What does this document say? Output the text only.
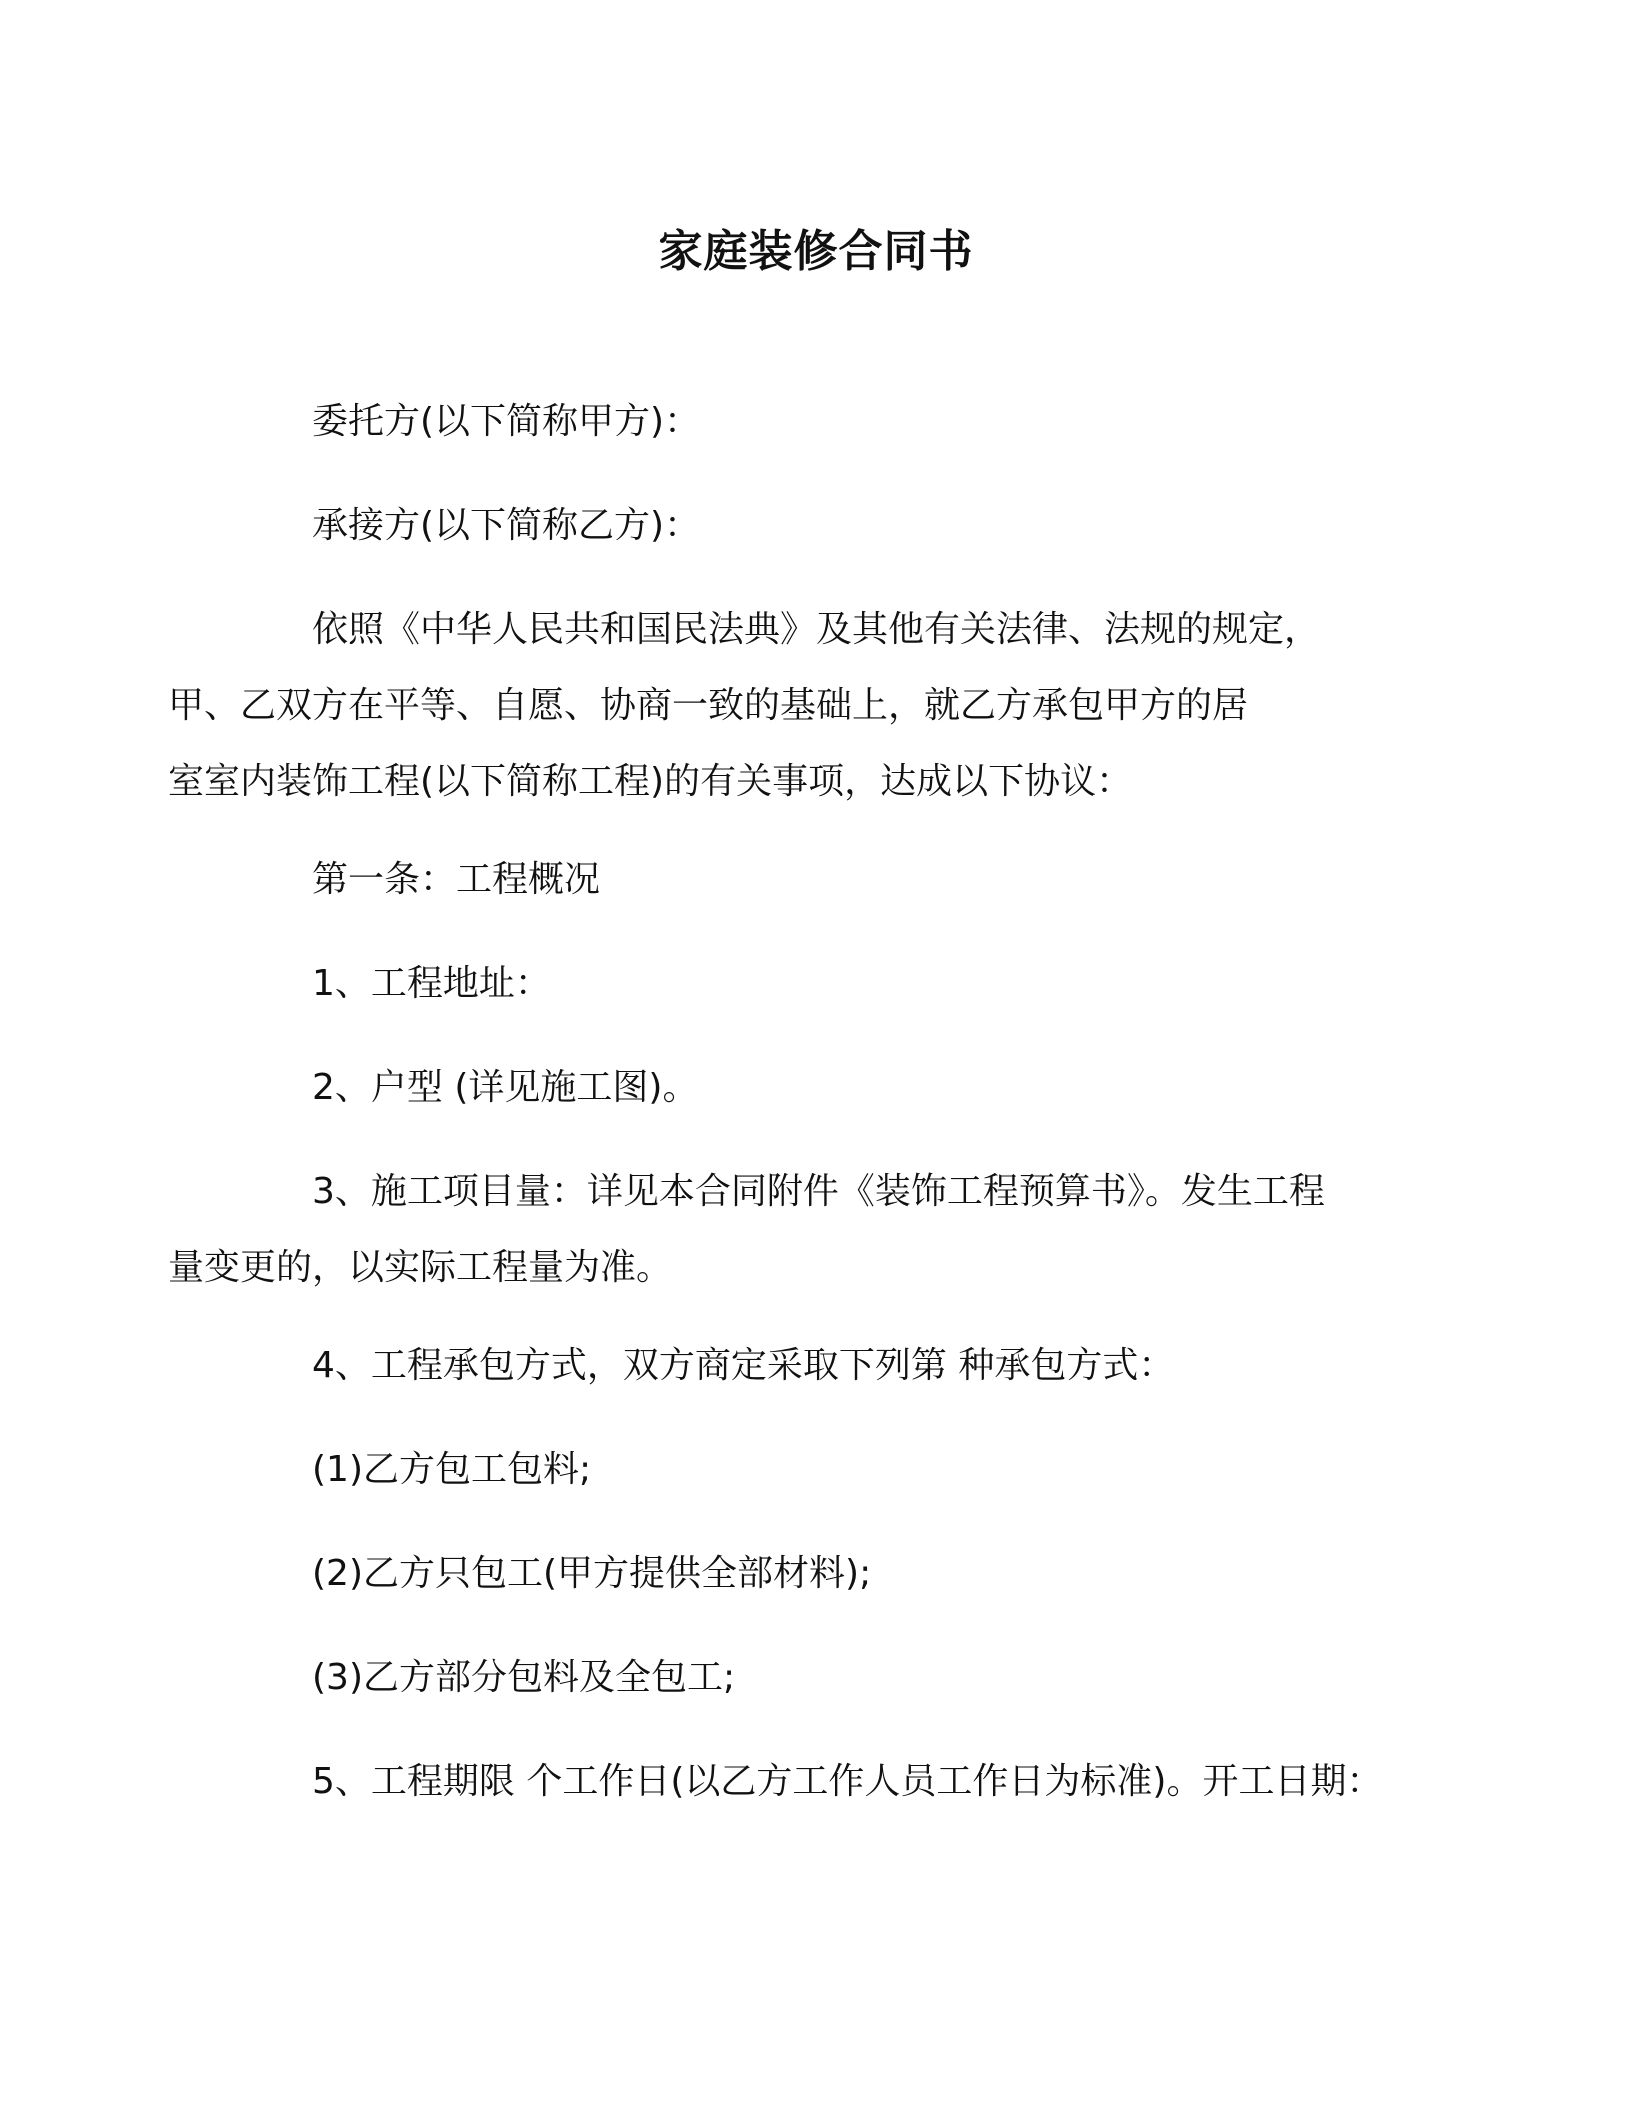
家庭装修合同书
委托方(以下简称甲方)：
承接方(以下简称乙方)：
依照《中华人民共和国民法典》及其他有关法律、法规的规定，
甲、乙双方在平等、自愿、协商一致的基础上，就乙方承包甲方的居
室室内装饰工程(以下简称工程)的有关事项，达成以下协议：
第一条：工程概况
1、工程地址：
2、户型 (详见施工图)。
3、施工项目量：详见本合同附件《装饰工程预算书》。发生工程
量变更的，以实际工程量为准。
4、工程承包方式，双方商定采取下列第 种承包方式：
(1)乙方包工包料;
(2)乙方只包工(甲方提供全部材料);
(3)乙方部分包料及全包工;
5、工程期限 个工作日(以乙方工作人员工作日为标准)。开工日期：
